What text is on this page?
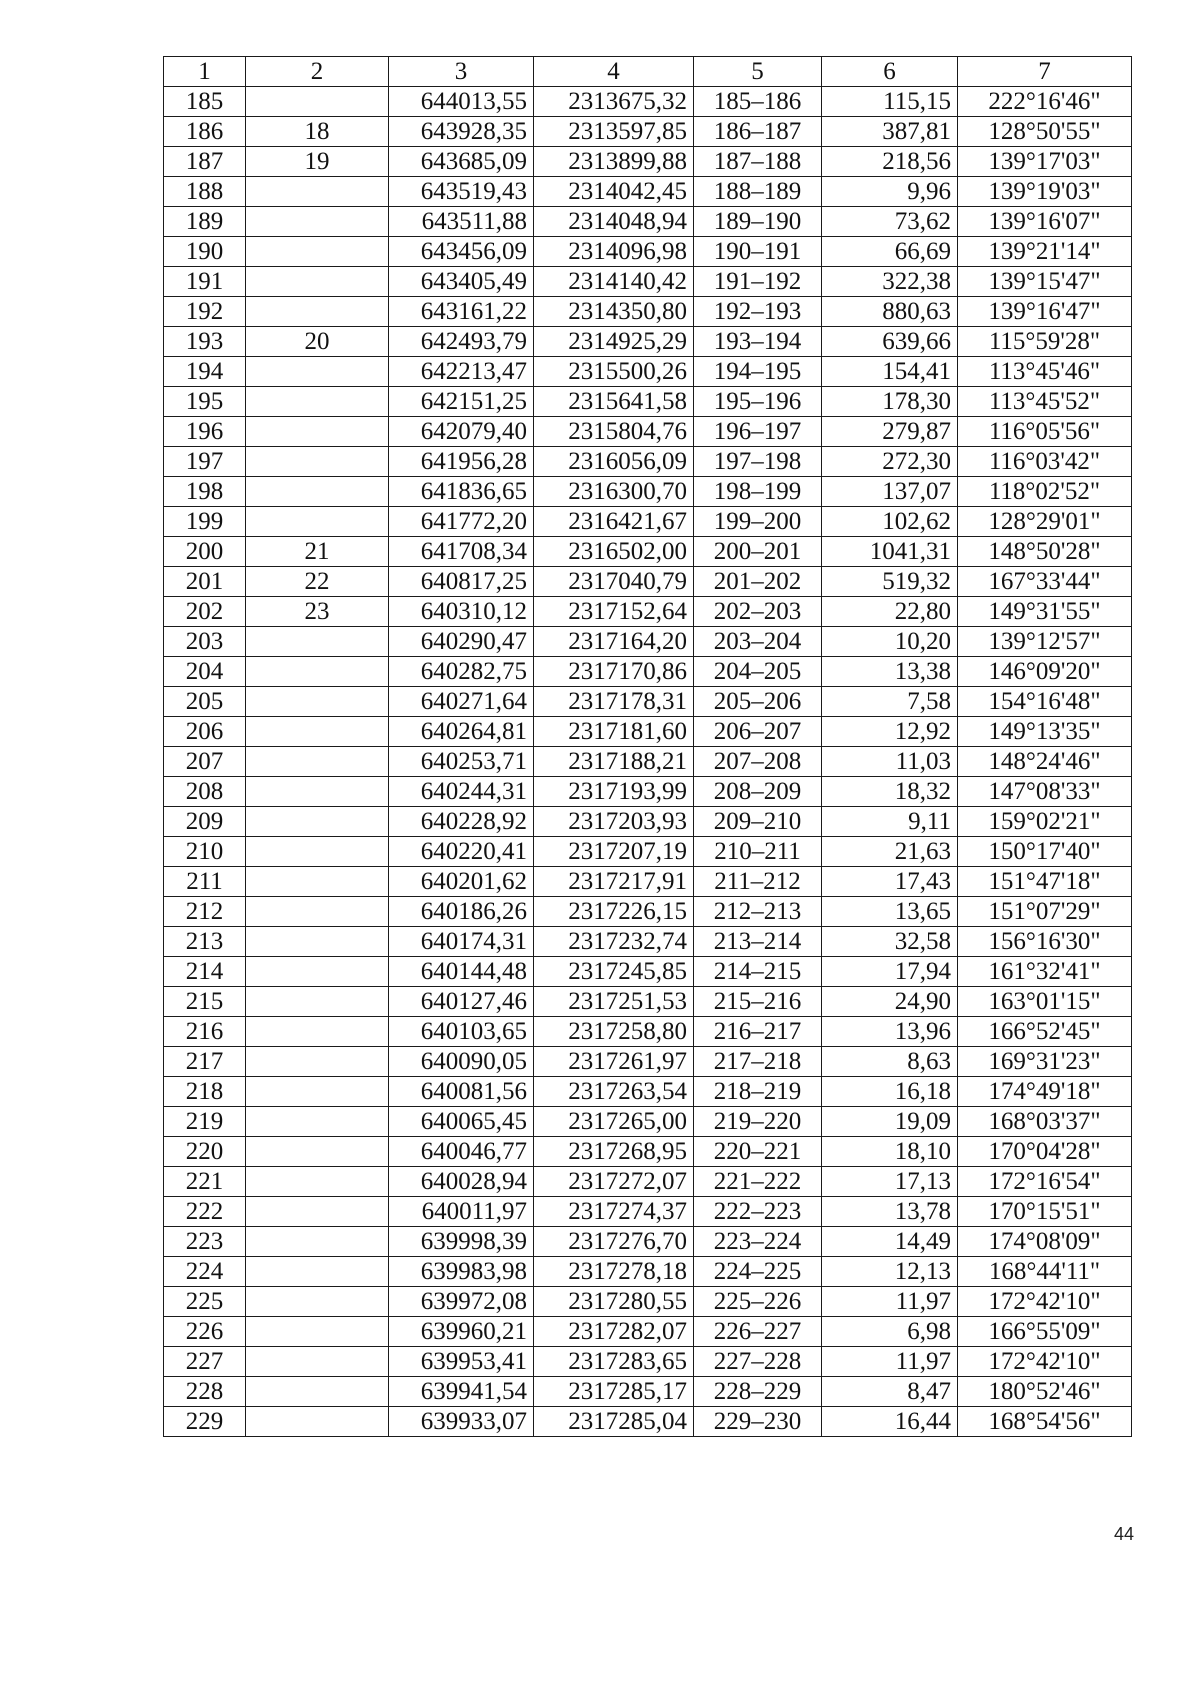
1	2	3	4	5	6	7
185		644013,55	2313675,32	185–186	115,15	222°16'46"
186	18	643928,35	2313597,85	186–187	387,81	128°50'55"
187	19	643685,09	2313899,88	187–188	218,56	139°17'03"
188		643519,43	2314042,45	188–189	9,96	139°19'03"
189		643511,88	2314048,94	189–190	73,62	139°16'07"
190		643456,09	2314096,98	190–191	66,69	139°21'14"
191		643405,49	2314140,42	191–192	322,38	139°15'47"
192		643161,22	2314350,80	192–193	880,63	139°16'47"
193	20	642493,79	2314925,29	193–194	639,66	115°59'28"
194		642213,47	2315500,26	194–195	154,41	113°45'46"
195		642151,25	2315641,58	195–196	178,30	113°45'52"
196		642079,40	2315804,76	196–197	279,87	116°05'56"
197		641956,28	2316056,09	197–198	272,30	116°03'42"
198		641836,65	2316300,70	198–199	137,07	118°02'52"
199		641772,20	2316421,67	199–200	102,62	128°29'01"
200	21	641708,34	2316502,00	200–201	1041,31	148°50'28"
201	22	640817,25	2317040,79	201–202	519,32	167°33'44"
202	23	640310,12	2317152,64	202–203	22,80	149°31'55"
203		640290,47	2317164,20	203–204	10,20	139°12'57"
204		640282,75	2317170,86	204–205	13,38	146°09'20"
205		640271,64	2317178,31	205–206	7,58	154°16'48"
206		640264,81	2317181,60	206–207	12,92	149°13'35"
207		640253,71	2317188,21	207–208	11,03	148°24'46"
208		640244,31	2317193,99	208–209	18,32	147°08'33"
209		640228,92	2317203,93	209–210	9,11	159°02'21"
210		640220,41	2317207,19	210–211	21,63	150°17'40"
211		640201,62	2317217,91	211–212	17,43	151°47'18"
212		640186,26	2317226,15	212–213	13,65	151°07'29"
213		640174,31	2317232,74	213–214	32,58	156°16'30"
214		640144,48	2317245,85	214–215	17,94	161°32'41"
215		640127,46	2317251,53	215–216	24,90	163°01'15"
216		640103,65	2317258,80	216–217	13,96	166°52'45"
217		640090,05	2317261,97	217–218	8,63	169°31'23"
218		640081,56	2317263,54	218–219	16,18	174°49'18"
219		640065,45	2317265,00	219–220	19,09	168°03'37"
220		640046,77	2317268,95	220–221	18,10	170°04'28"
221		640028,94	2317272,07	221–222	17,13	172°16'54"
222		640011,97	2317274,37	222–223	13,78	170°15'51"
223		639998,39	2317276,70	223–224	14,49	174°08'09"
224		639983,98	2317278,18	224–225	12,13	168°44'11"
225		639972,08	2317280,55	225–226	11,97	172°42'10"
226		639960,21	2317282,07	226–227	6,98	166°55'09"
227		639953,41	2317283,65	227–228	11,97	172°42'10"
228		639941,54	2317285,17	228–229	8,47	180°52'46"
229		639933,07	2317285,04	229–230	16,44	168°54'56"
44
